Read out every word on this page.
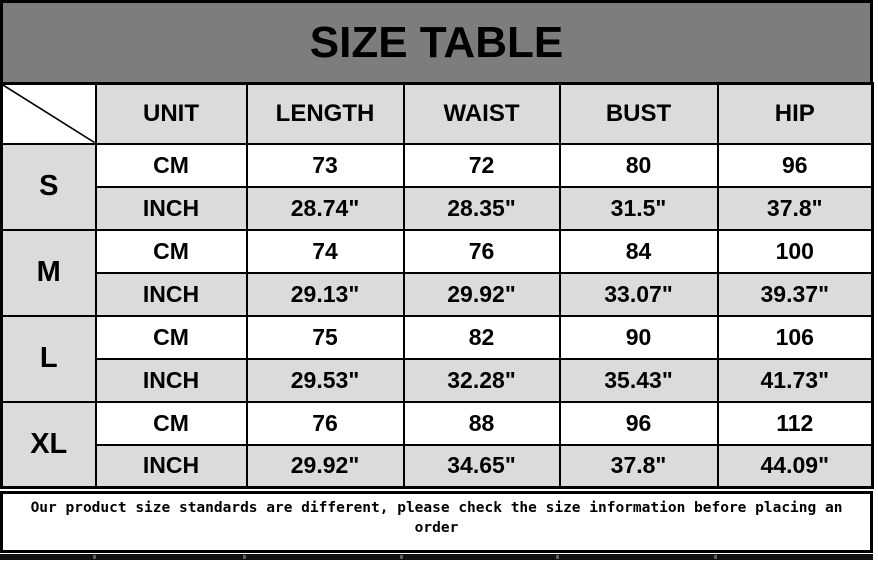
SIZE TABLE
	UNIT	LENGTH	WAIST	BUST	HIP
S	CM	73	72	80	96
	INCH	28.74"	28.35"	31.5"	37.8"
M	CM	74	76	84	100
	INCH	29.13"	29.92"	33.07"	39.37"
L	CM	75	82	90	106
	INCH	29.53"	32.28"	35.43"	41.73"
XL	CM	76	88	96	112
	INCH	29.92"	34.65"	37.8"	44.09"
Our product size standards are different, please check the size information before placing an order
